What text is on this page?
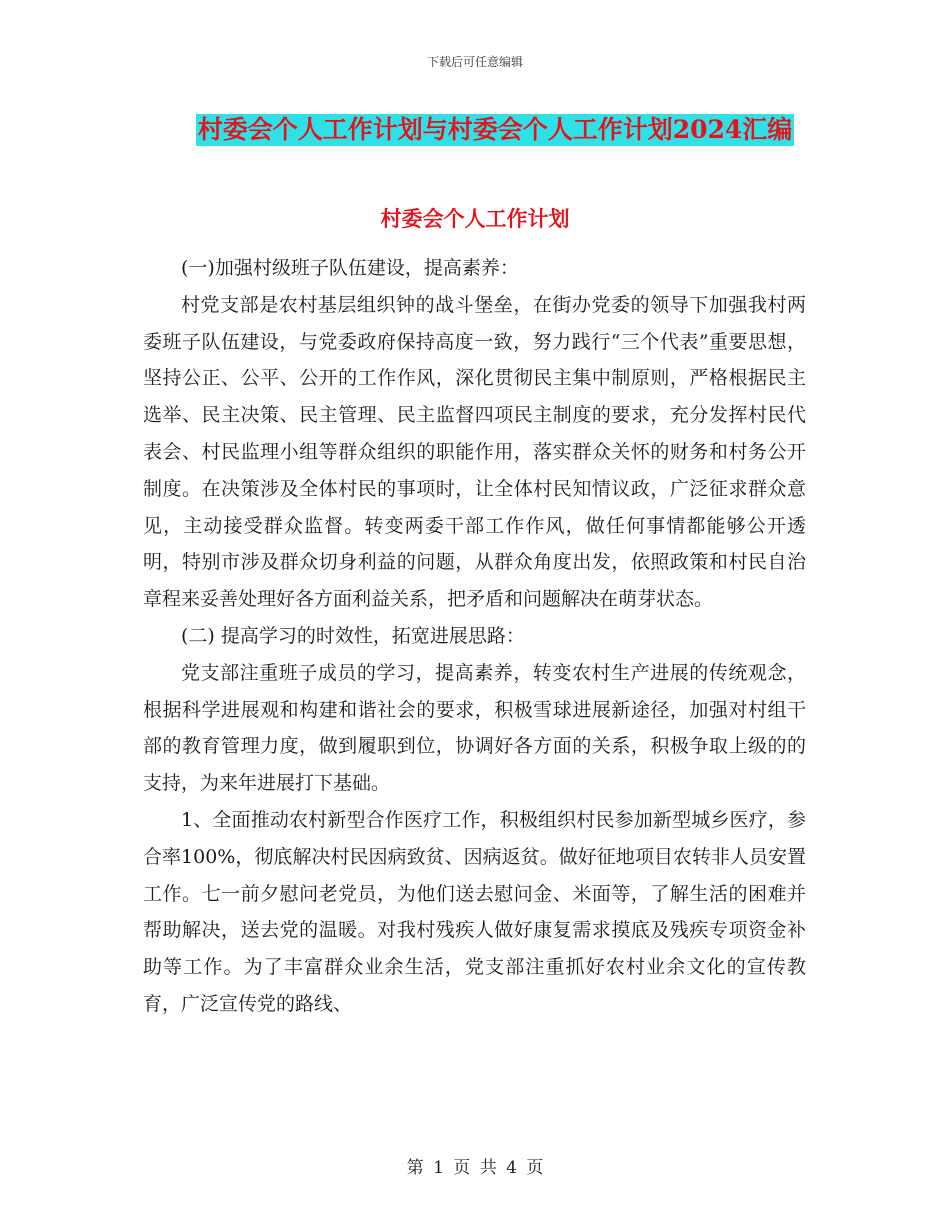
下载后可任意编辑
村委会个人工作计划与村委会个人工作计划2024汇编
村委会个人工作计划

(一)加强村级班子队伍建设，提高素养：

村党支部是农村基层组织钟的战斗堡垒，在街办党委的领导下加强我村两委班子队伍建设，与党委政府保持高度一致，努力践行“三个代表”重要思想，坚持公正、公平、公开的工作作风，深化贯彻民主集中制原则，严格根据民主选举、民主决策、民主管理、民主监督四项民主制度的要求，充分发挥村民代表会、村民监理小组等群众组织的职能作用，落实群众关怀的财务和村务公开制度。在决策涉及全体村民的事项时，让全体村民知情议政，广泛征求群众意见，主动接受群众监督。转变两委干部工作作风，做任何事情都能够公开透明，特别市涉及群众切身利益的问题，从群众角度出发，依照政策和村民自治章程来妥善处理好各方面利益关系，把矛盾和问题解决在萌芽状态。

(二) 提高学习的时效性，拓宽进展思路：

党支部注重班子成员的学习，提高素养，转变农村生产进展的传统观念，根据科学进展观和构建和谐社会的要求，积极雪球进展新途径，加强对村组干部的教育管理力度，做到履职到位，协调好各方面的关系，积极争取上级的的支持，为来年进展打下基础。

1、全面推动农村新型合作医疗工作，积极组织村民参加新型城乡医疗，参合率100%，彻底解决村民因病致贫、因病返贫。做好征地项目农转非人员安置工作。七一前夕慰问老党员，为他们送去慰问金、米面等，了解生活的困难并帮助解决，送去党的温暖。对我村残疾人做好康复需求摸底及残疾专项资金补助等工作。为了丰富群众业余生活，党支部注重抓好农村业余文化的宣传教育，广泛宣传党的路线、

第 1 页 共 4 页
